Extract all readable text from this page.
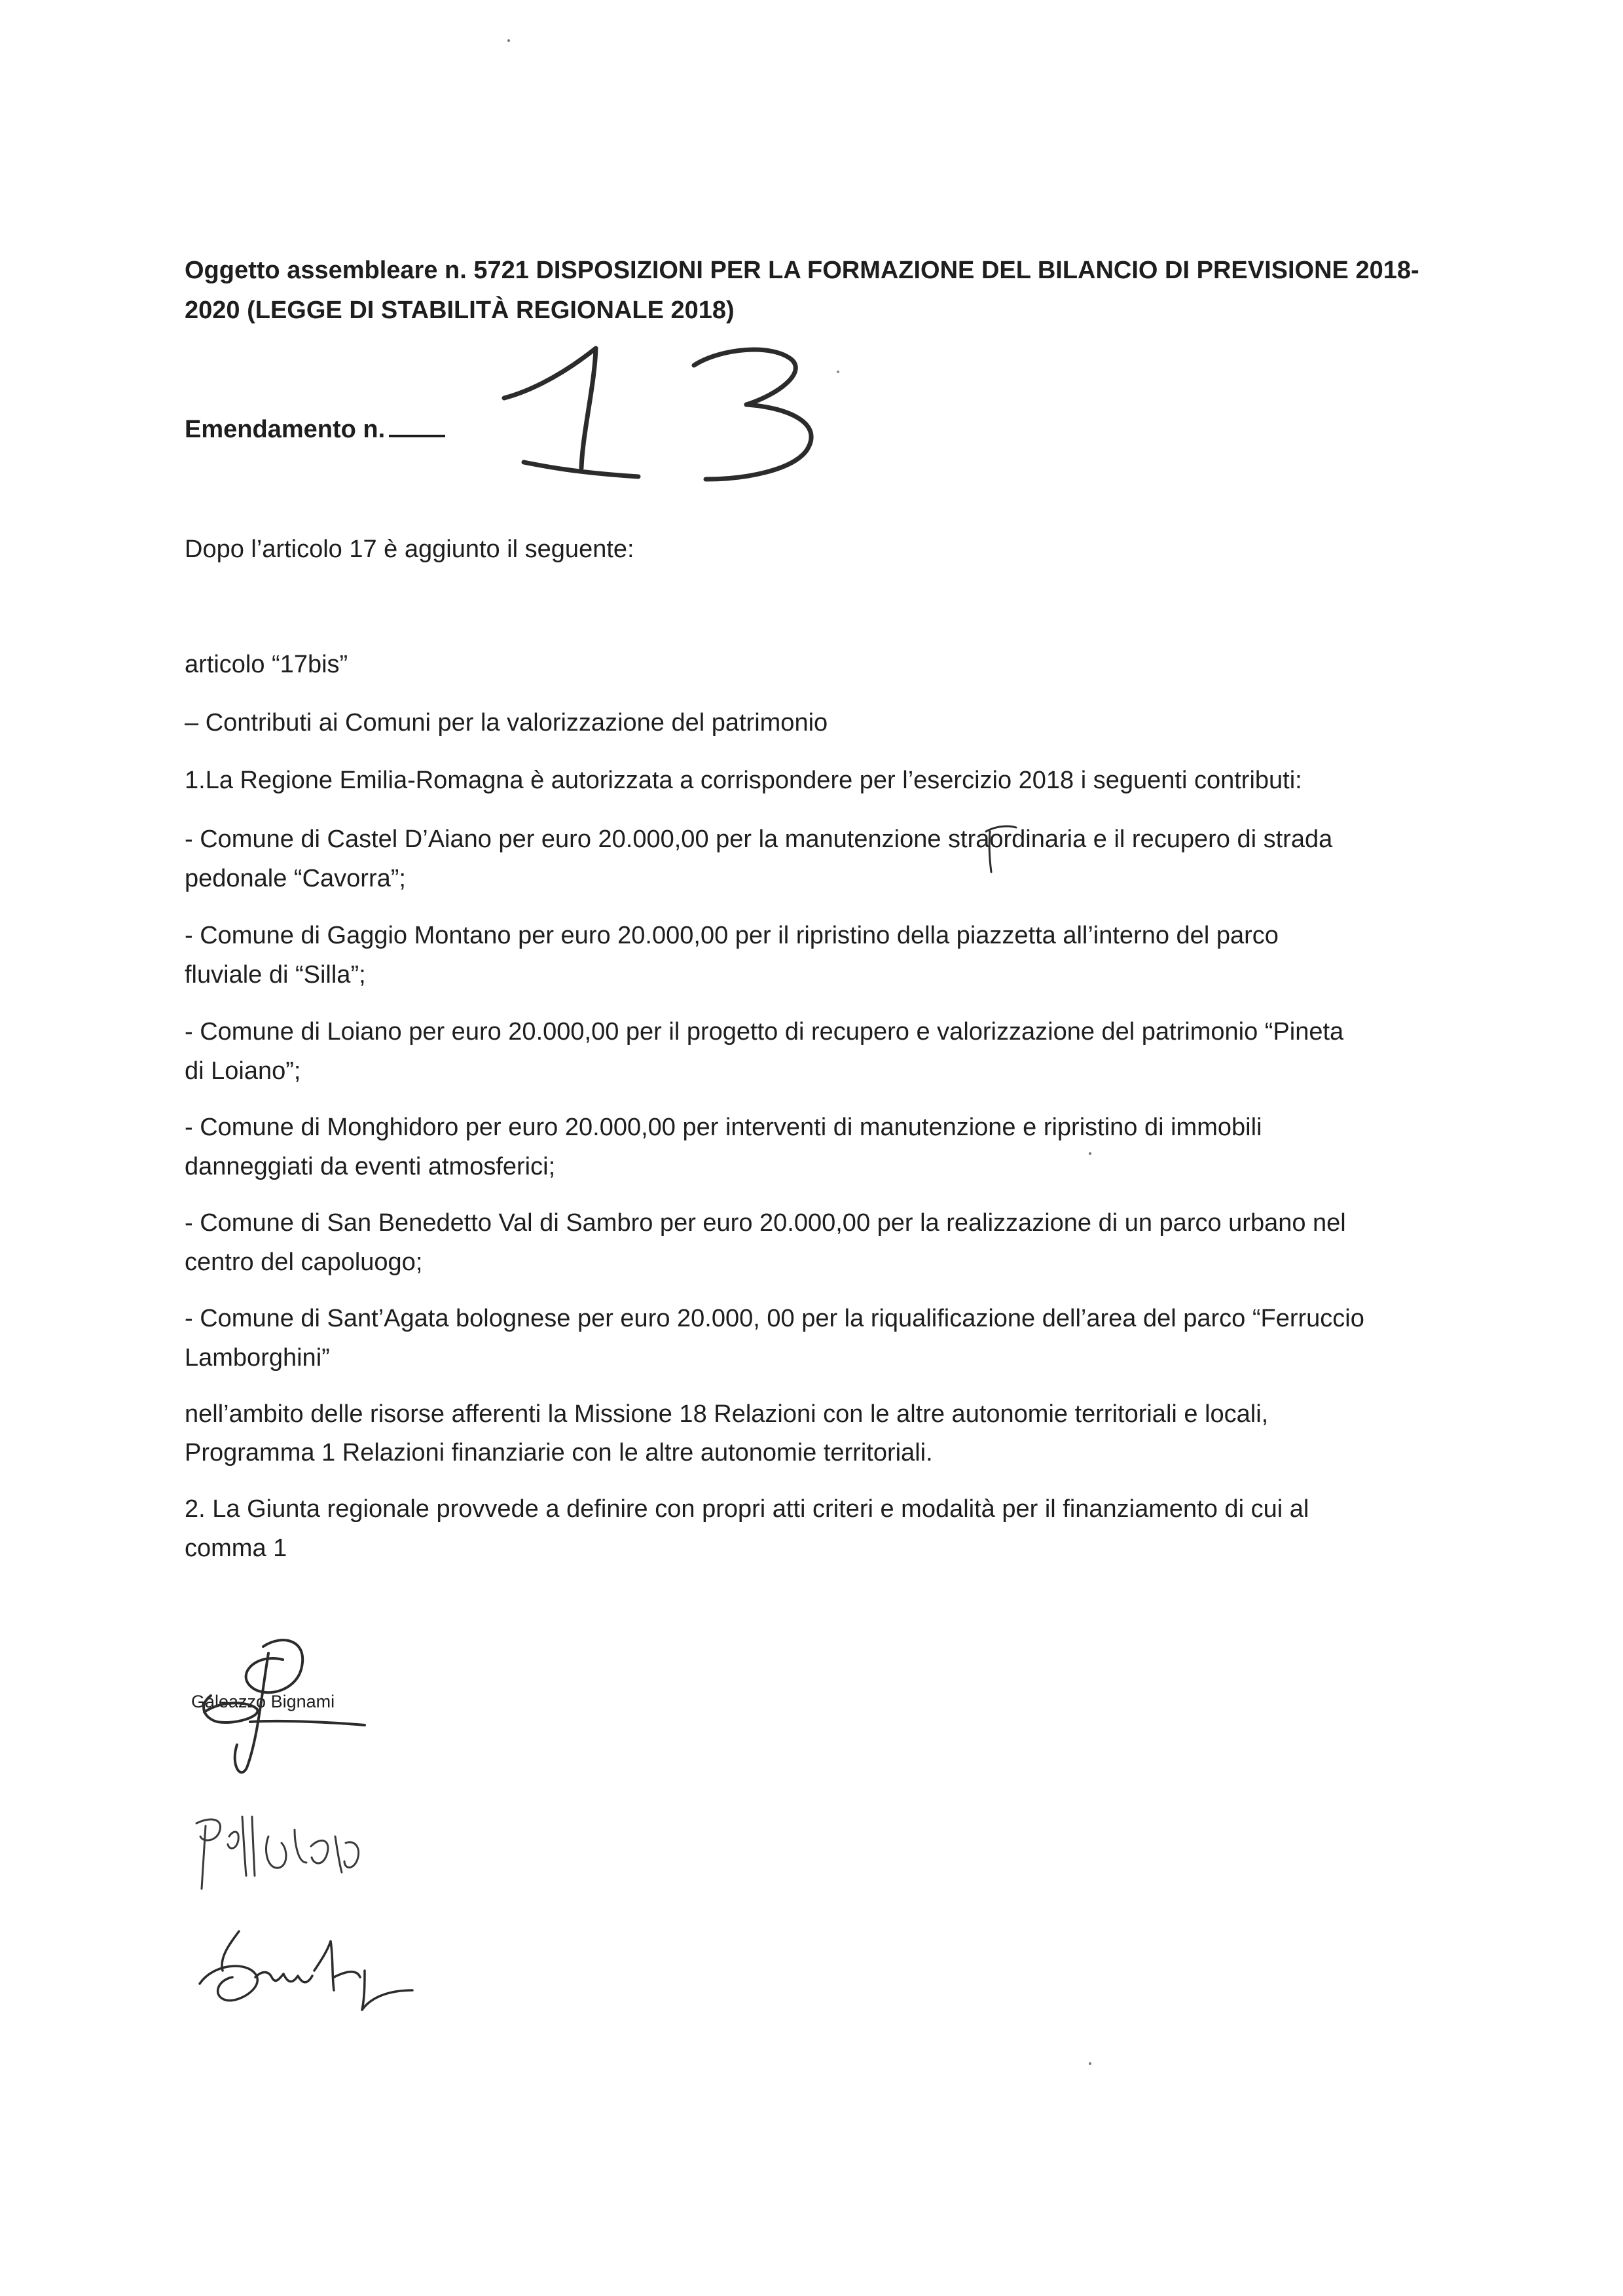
Oggetto assembleare n. 5721 DISPOSIZIONI PER LA FORMAZIONE DEL BILANCIO DI PREVISIONE 2018-

2020 (LEGGE DI STABILITÀ REGIONALE 2018)

Emendamento n.

Dopo l’articolo 17 è aggiunto il seguente:

articolo “17bis”

– Contributi ai Comuni per la valorizzazione del patrimonio

1.La Regione Emilia-Romagna è autorizzata a corrispondere per l’esercizio 2018 i seguenti contributi:

- Comune di Castel D’Aiano per euro 20.000,00 per la manutenzione straordinaria e il recupero di strada

pedonale “Cavorra”;

- Comune di Gaggio Montano per euro 20.000,00 per il ripristino della piazzetta all’interno del parco

fluviale di “Silla”;

- Comune di Loiano per euro 20.000,00 per il progetto di recupero e valorizzazione del patrimonio “Pineta

di Loiano”;

- Comune di Monghidoro per euro 20.000,00 per interventi di manutenzione e ripristino di immobili

danneggiati da eventi atmosferici;

- Comune di San Benedetto Val di Sambro per euro 20.000,00 per la realizzazione di un parco urbano nel

centro del capoluogo;

- Comune di Sant’Agata bolognese per euro 20.000, 00 per la riqualificazione dell’area del parco “Ferruccio

Lamborghini”

nell’ambito delle risorse afferenti la Missione 18 Relazioni con le altre autonomie territoriali e locali,

Programma 1 Relazioni finanziarie con le altre autonomie territoriali.

2. La Giunta regionale provvede a definire con propri atti criteri e modalità per il finanziamento di cui al

comma 1

Galeazzo Bignami
